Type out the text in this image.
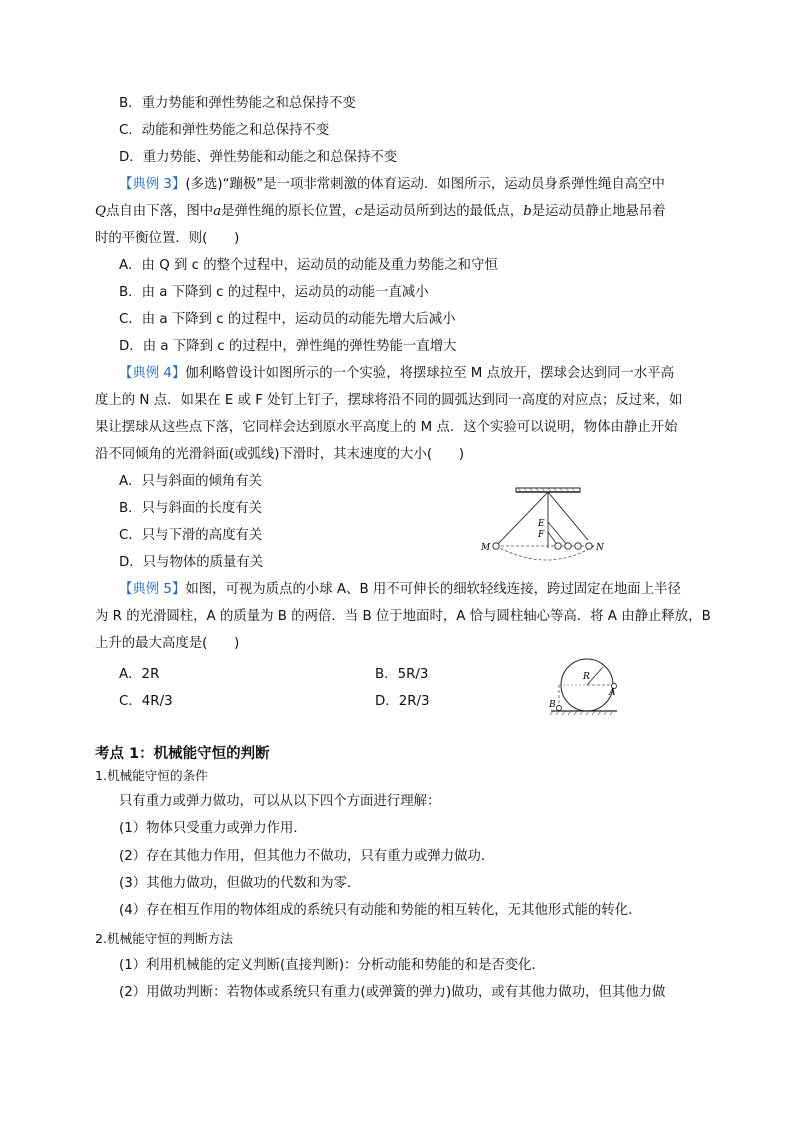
B．重力势能和弹性势能之和总保持不变
C．动能和弹性势能之和总保持不变
D．重力势能、弹性势能和动能之和总保持不变
【典例 3】(多选)“蹦极”是一项非常刺激的体育运动．如图所示，运动员身系弹性绳自高空中
Q点自由下落，图中a是弹性绳的原长位置，c是运动员所到达的最低点，b是运动员静止地悬吊着
时的平衡位置．则(　　)
A．由 Q 到 c 的整个过程中，运动员的动能及重力势能之和守恒
B．由 a 下降到 c 的过程中，运动员的动能一直减小
C．由 a 下降到 c 的过程中，运动员的动能先增大后减小
D．由 a 下降到 c 的过程中，弹性绳的弹性势能一直增大
【典例 4】伽利略曾设计如图所示的一个实验，将摆球拉至 M 点放开，摆球会达到同一水平高
度上的 N 点．如果在 E 或 F 处钉上钉子，摆球将沿不同的圆弧达到同一高度的对应点；反过来，如
果让摆球从这些点下落，它同样会达到原水平高度上的 M 点．这个实验可以说明，物体由静止开始
沿不同倾角的光滑斜面(或弧线)下滑时，其末速度的大小(　　)
A．只与斜面的倾角有关
B．只与斜面的长度有关
C．只与下滑的高度有关
D．只与物体的质量有关
E
F
M	N
【典例 5】如图，可视为质点的小球 A、B 用不可伸长的细软轻线连接，跨过固定在地面上半径
为 R 的光滑圆柱，A 的质量为 B 的两倍．当 B 位于地面时，A 恰与圆柱轴心等高．将 A 由静止释放，B
上升的最大高度是(　　)
A．2R	B．5R/3
C．4R/3	D．2R/3
R
A
B
考点 1：机械能守恒的判断
1.机械能守恒的条件
只有重力或弹力做功，可以从以下四个方面进行理解：
(1）物体只受重力或弹力作用．
(2）存在其他力作用，但其他力不做功，只有重力或弹力做功．
(3）其他力做功，但做功的代数和为零．
(4）存在相互作用的物体组成的系统只有动能和势能的相互转化，无其他形式能的转化．
2.机械能守恒的判断方法
(1）利用机械能的定义判断(直接判断)：分析动能和势能的和是否变化．
(2）用做功判断：若物体或系统只有重力(或弹簧的弹力)做功，或有其他力做功，但其他力做
